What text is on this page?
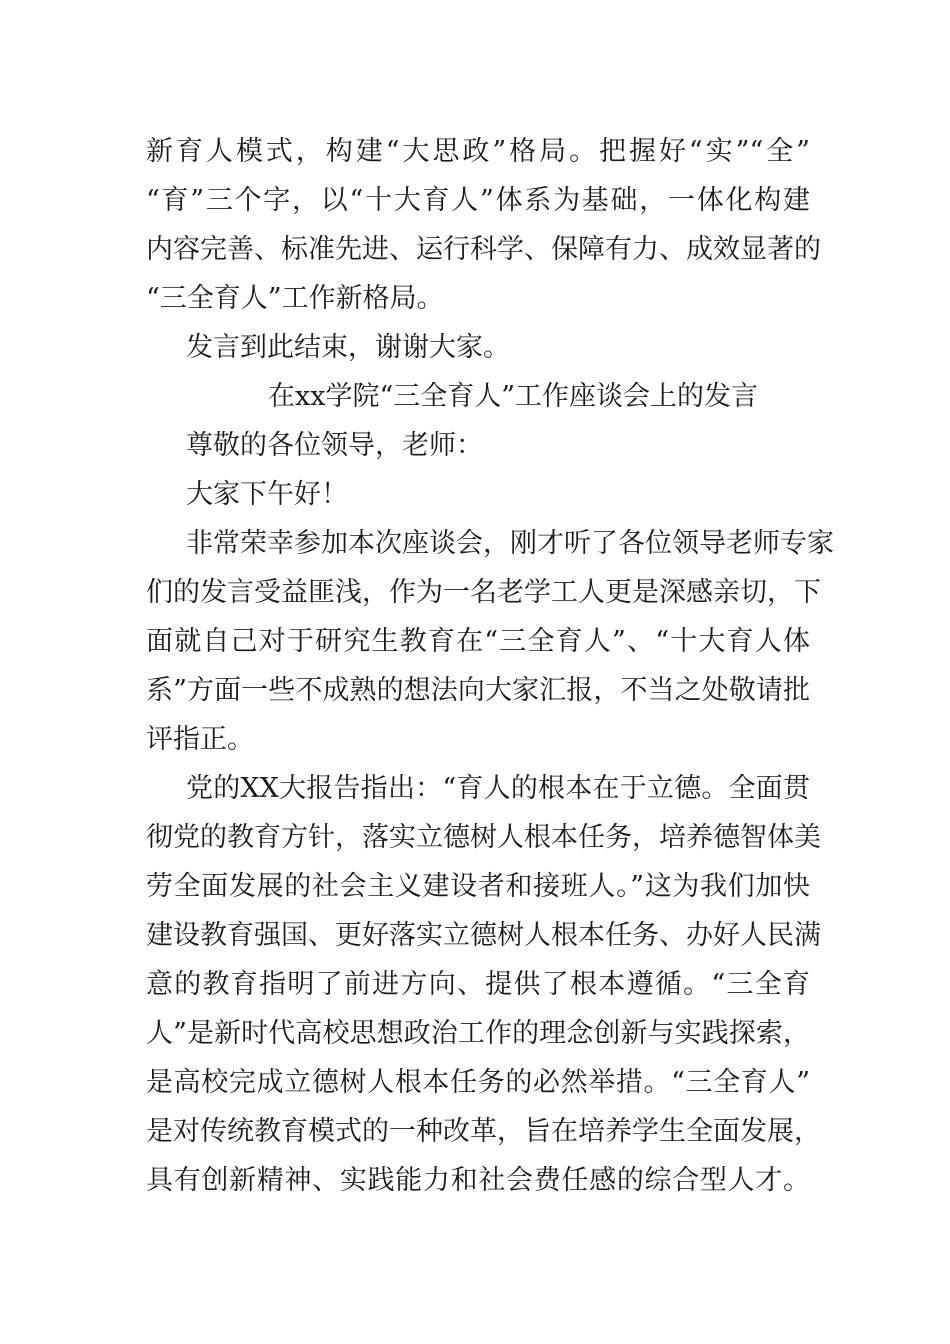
新育人模式，构建“大思政”格局。把握好“实”“全”
“育”三个字，以“十大育人”体系为基础，一体化构建
内容完善、标准先进、运行科学、保障有力、成效显著的
“三全育人”工作新格局。
发言到此结束，谢谢大家。
在xx学院“三全育人”工作座谈会上的发言
尊敬的各位领导，老师：
大家下午好！
非常荣幸参加本次座谈会，刚才听了各位领导老师专家
们的发言受益匪浅，作为一名老学工人更是深感亲切，下
面就自己对于研究生教育在“三全育人”、“十大育人体
系”方面一些不成熟的想法向大家汇报，不当之处敬请批
评指正。
党的XX大报告指出：“育人的根本在于立德。全面贯
彻党的教育方针，落实立德树人根本任务，培养德智体美
劳全面发展的社会主义建设者和接班人。”这为我们加快
建设教育强国、更好落实立德树人根本任务、办好人民满
意的教育指明了前进方向、提供了根本遵循。“三全育
人”是新时代高校思想政治工作的理念创新与实践探索，
是高校完成立德树人根本任务的必然举措。“三全育人”
是对传统教育模式的一种改革，旨在培养学生全面发展，
具有创新精神、实践能力和社会费任感的综合型人才。
